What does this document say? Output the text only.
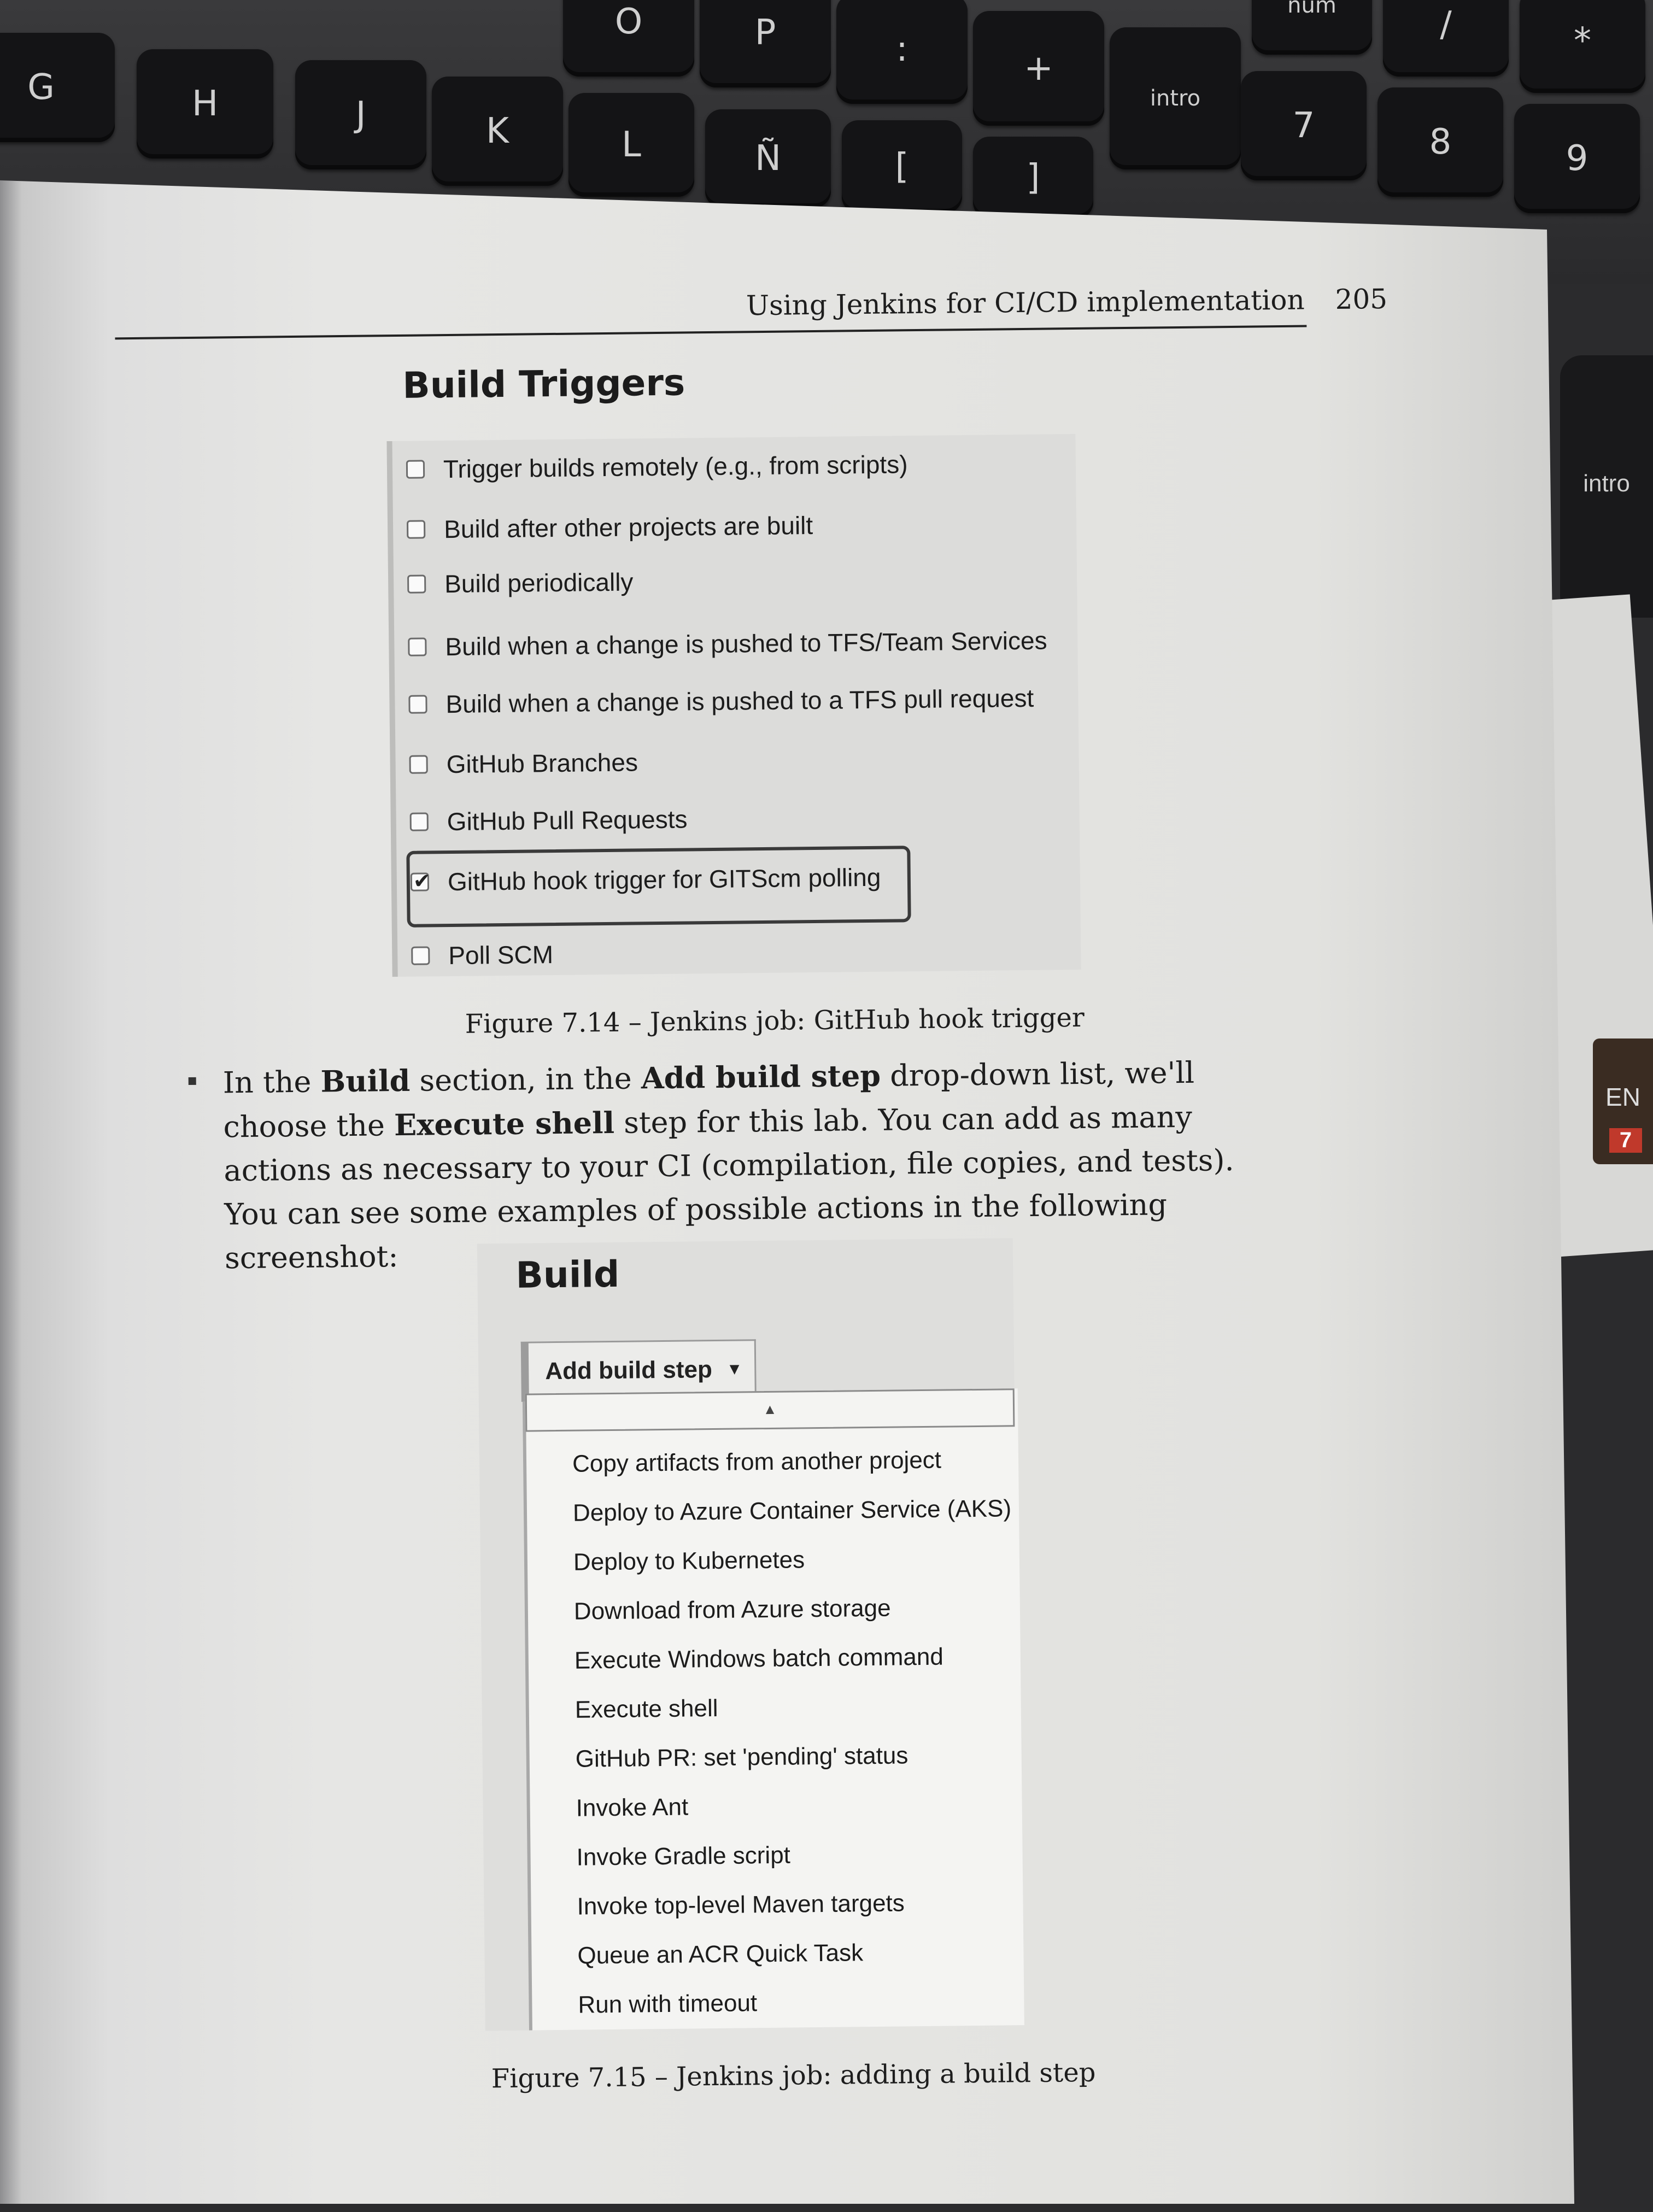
G	H	J	K	L	Ñ	[	]
O	P	:	+
intro
num
7	8	9
/	*
intro
EN
7
Using Jenkins for CI/CD implementation 205
Build Triggers
Trigger builds remotely (e.g., from scripts)
Build after other projects are built
Build periodically
Build when a change is pushed to TFS/Team Services
Build when a change is pushed to a TFS pull request
GitHub Branches
GitHub Pull Requests
✔
GitHub hook trigger for GITScm polling
Poll SCM
Figure 7.14 – Jenkins job: GitHub hook trigger
In the Build section, in the Add build step drop-down list, we'll choose the Execute shell step for this lab. You can add as many actions as necessary to your CI (compilation, file copies, and tests). You can see some examples of possible actions in the following screenshot:	Build
Add build step ▼
▲
Copy artifacts from another project
Deploy to Azure Container Service (AKS)
Deploy to Kubernetes
Download from Azure storage
Execute Windows batch command
Execute shell
GitHub PR: set 'pending' status
Invoke Ant
Invoke Gradle script
Invoke top-level Maven targets
Queue an ACR Quick Task
Run with timeout
Figure 7.15 – Jenkins job: adding a build step
